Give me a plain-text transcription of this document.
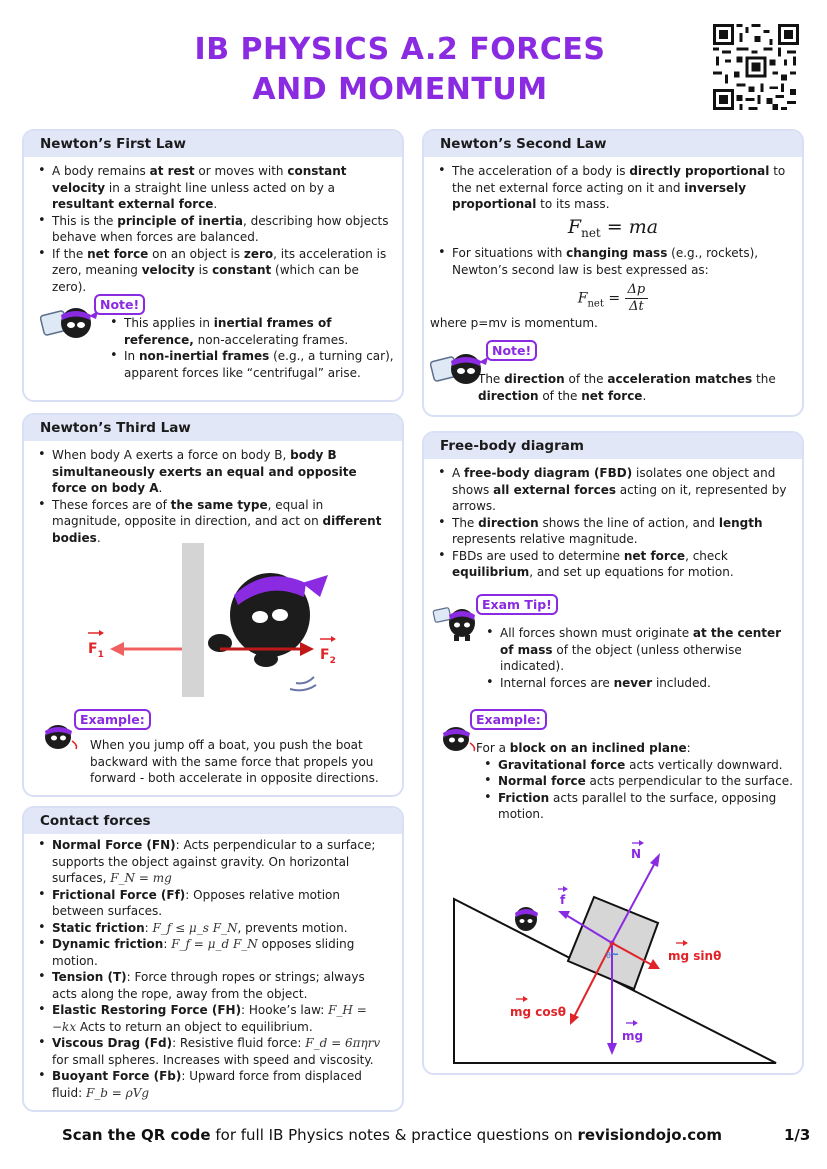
IB PHYSICS A.2 FORCES
AND MOMENTUM
Newton’s First Law
• A body remains at rest or moves with constant velocity in a straight line unless acted on by a resultant external force.
• This is the principle of inertia, describing how objects behave when forces are balanced.
• If the net force on an object is zero, its acceleration is zero, meaning velocity is constant (which can be zero).
Note!
• This applies in inertial frames of reference, non-accelerating frames.
• In non-inertial frames (e.g., a turning car), apparent forces like “centrifugal” arise.
Newton’s Second Law
• The acceleration of a body is directly proportional to the net external force acting on it and inversely proportional to its mass.
$F_{net}$ = ma
• For situations with changing mass (e.g., rockets), Newton’s second law is best expressed as:
$F_{net} = \frac{\Delta p}{\Delta t}$
where p=mv is momentum.
Note!
The direction of the acceleration matches the direction of the net force.
Newton’s Third Law
• When body A exerts a force on body B, body B simultaneously exerts an equal and opposite force on body A.
• These forces are of the same type, equal in magnitude, opposite in direction, and act on different bodies.
$F_1$	$F_2$
Example:
When you jump off a boat, you push the boat backward with the same force that propels you forward - both accelerate in opposite directions.
Free-body diagram
• A free-body diagram (FBD) isolates one object and shows all external forces acting on it, represented by arrows.
• The direction shows the line of action, and length represents relative magnitude.
• FBDs are used to determine net force, check equilibrium, and set up equations for motion.
Exam Tip!
• All forces shown must originate at the center of mass of the object (unless otherwise indicated).
• Internal forces are never included.
Example:
For a block on an inclined plane:
• Gravitational force acts vertically downward.
• Normal force acts perpendicular to the surface.
• Friction acts parallel to the surface, opposing motion.
N
f
mg sinθ
mg cosθ
mg
θ
Contact forces
• Normal Force (FN): Acts perpendicular to a surface; supports the object against gravity. On horizontal surfaces, F_N = mg
• Frictional Force (Ff): Opposes relative motion between surfaces.
• Static friction: F_f ≤ μ_s F_N, prevents motion.
• Dynamic friction: F_f = μ_d F_N opposes sliding motion.
• Tension (T): Force through ropes or strings; always acts along the rope, away from the object.
• Elastic Restoring Force (FH): Hooke’s law: F_H = −kx Acts to return an object to equilibrium.
• Viscous Drag (Fd): Resistive fluid force: F_d = 6πηrv for small spheres. Increases with speed and viscosity.
• Buoyant Force (Fb): Upward force from displaced fluid: F_b = ρVg
Scan the QR code for full IB Physics notes & practice questions on revisiondojo.com	1/3
